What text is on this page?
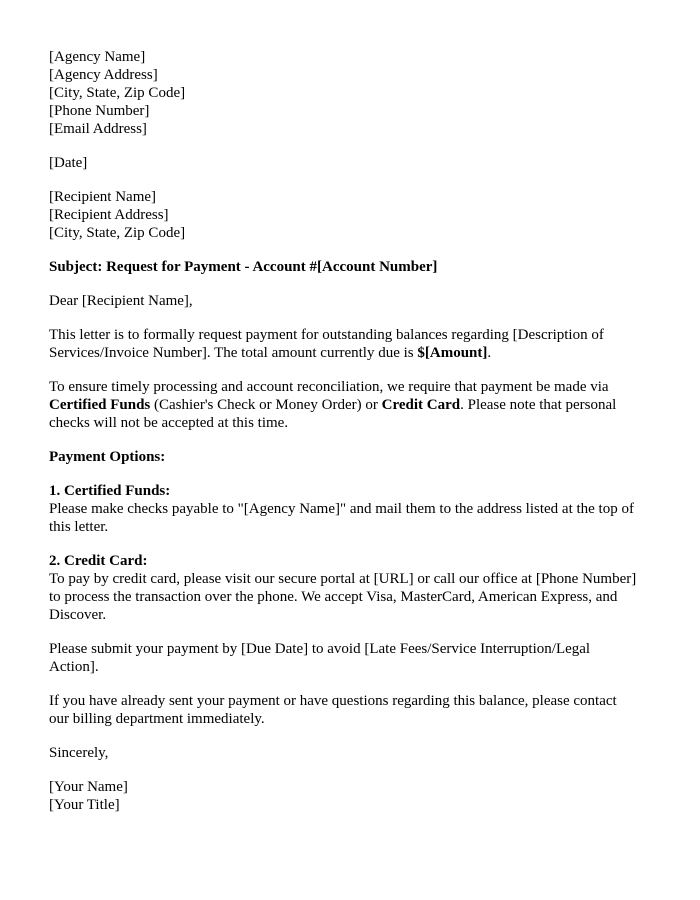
[Agency Name]
[Agency Address]
[City, State, Zip Code]
[Phone Number]
[Email Address]
[Date]
[Recipient Name]
[Recipient Address]
[City, State, Zip Code]
Subject: Request for Payment - Account #[Account Number]
Dear [Recipient Name],
This letter is to formally request payment for outstanding balances regarding [Description of Services/Invoice Number]. The total amount currently due is $[Amount].
To ensure timely processing and account reconciliation, we require that payment be made via Certified Funds (Cashier's Check or Money Order) or Credit Card. Please note that personal checks will not be accepted at this time.
Payment Options:
1. Certified Funds:
Please make checks payable to "[Agency Name]" and mail them to the address listed at the top of this letter.
2. Credit Card:
To pay by credit card, please visit our secure portal at [URL] or call our office at [Phone Number] to process the transaction over the phone. We accept Visa, MasterCard, American Express, and Discover.
Please submit your payment by [Due Date] to avoid [Late Fees/Service Interruption/Legal Action].
If you have already sent your payment or have questions regarding this balance, please contact our billing department immediately.
Sincerely,
[Your Name]
[Your Title]
